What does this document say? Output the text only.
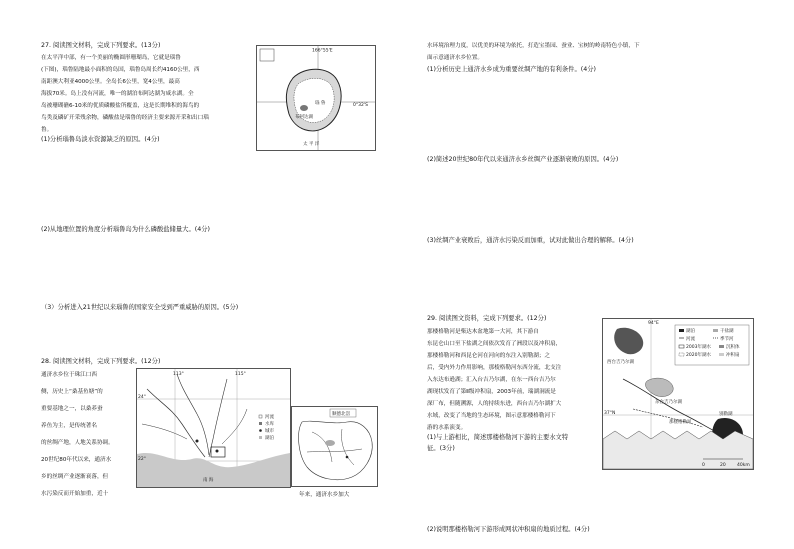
27. 阅读图文材料，完成下列要求。(13分)
在太平洋中部，有一个美丽的椭圆形珊瑚岛，它就是瑙鲁
(下图)，瑙鲁陆地最小面积的岛国，瑙鲁岛周长约4160公里，西
南距澳大利亚4000公里。全岛长6公里，宽4公里，最高
海拔70米。岛上没有河流，唯一的湖泊布阿达湖为咸水湖。全
岛被珊瑚礁6-10米的优质磷酸盐所覆盖，这是长期堆积的海鸟的
鸟类及磷矿开采残余物，磷酸盐是瑙鲁的经济主要来源开采和出口瑙
鲁。
(1)分析瑙鲁岛淡水资源缺乏的原因。(4分)
(2)从地理位置的角度分析瑙鲁岛为什么磷酸盐储量大。(4分)
（3）分析进入21世纪以来瑙鲁的国家安全受到严重威胁的原因。(5分)
166°55'E
0°32'S
瑙 鲁
布阿达湖
太 平 洋
28. 阅读图文材料，完成下列要求。(12分)
通济水乡位于珠江口西
侧，历史上“桑基鱼塘”的
重要基地之一，以桑养蚕
养鱼为主，是传统著名
的丝绸产地，人地关系协调。
20世纪80年代以来，通济水
乡的丝绸产业逐渐衰落，但
水污染反而开始加重，近十	年来，通济水乡加大
113°	115°
24°
22°
南 海
河流
水库
城市
湖泊
顺德北滘
水环境治理力度，以优美的环境为依托，打造宝墨园、蚕业、宝树的岭南特色小镇，下
面示意通济水乡位置。
(1)分析历史上通济水乡成为重要丝绸产地的有利条件。(4分)
(2)简述20世纪80年代以来通济水乡丝绸产业逐渐衰败的原因。(4分)
(3)丝绸产业衰败后，通济水污染反而加重，试对此做出合理的解释。(4分)
29. 阅读图文资料，完成下列要求。(12分)
那楼格勒河是柴达木盆地第一大河，其下游自
东昆仑山口至下盐湖之间依次发育了洲段以及冲积扇，
那楼格勒河和西昆仑河在河向的东注入别勒湖；之
后，受内外力作用影响，那棱格勒河东西分流，北支注
入东达布逊湖；汇入台吉乃尔湖，在东一西台吉乃尔
湖现状发育了第Ⅱ级冲积扇，2003年前，瑞湖洞流是
深厂布，但随溯源，人的持续东进，西台吉乃尔湖扩大
水域，改变了当地的生态环境，图示意那楼格勒河下
游的水系演变。
(1)与上游相比，简述那楼格勒河下游的主要水文特
征。(3分)
(2)说明那楼格勒河下游形成网状冲积扇的地质过程。(4分)
湖泊	干盐湖
河流	季节河
2003年湖水
2020年湖水
沉积体
冲积扇
94°E
37°N
西台吉乃尔湖
东台吉乃尔湖
那楼格勒河
别勒湖
0	20	40km
